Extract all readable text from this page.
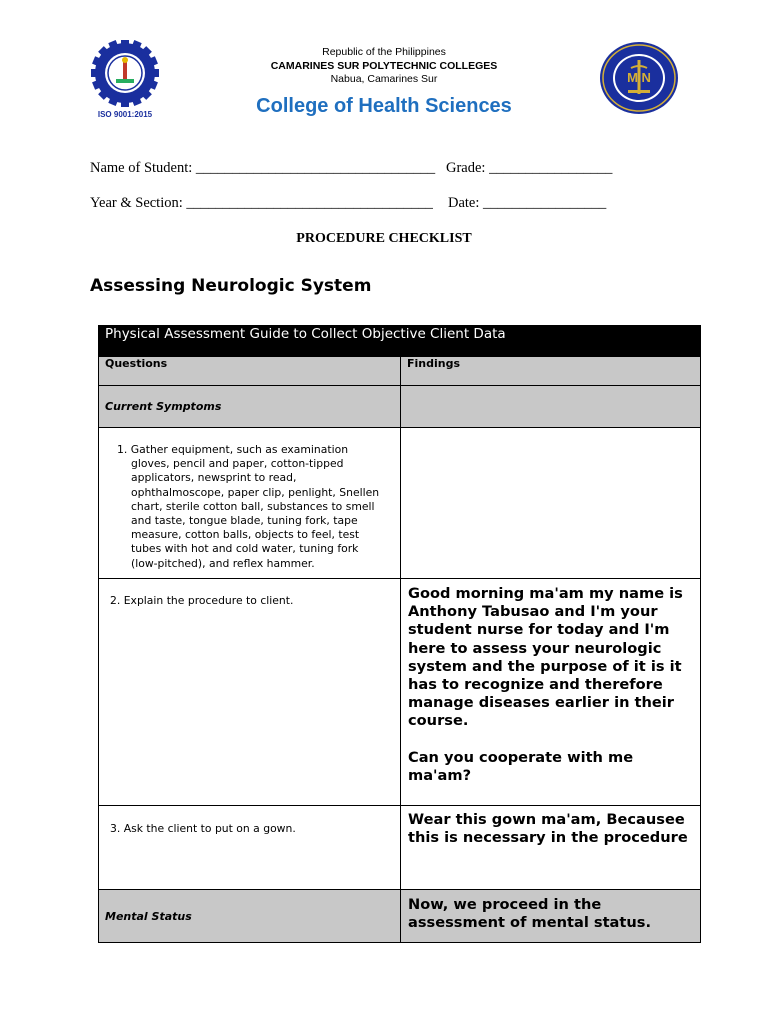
ISO 9001:2015
Republic of the Philippines
CAMARINES SUR POLYTECHNIC COLLEGES
Nabua, Camarines Sur
College of Health Sciences
M N
Name of Student: _________________________________ Grade: _________________
Year & Section: __________________________________ Date: _________________
PROCEDURE CHECKLIST
Assessing Neurologic System
Physical Assessment Guide to Collect Objective Client Data	
Questions	Findings
Current Symptoms	

1. Gather equipment, such as examination gloves, pencil and paper, cotton-tipped applicators, newsprint to read, ophthalmoscope, paper clip, penlight, Snellen chart, sterile cotton ball, substances to smell and taste, tongue blade, tuning fork, tape measure, cotton balls, objects to feel, test tubes with hot and cold water, tuning fork (low-pitched), and reflex hammer.	

2. Explain the procedure to client.	Good morning ma'am my name is Anthony Tabusao and I'm your student nurse for today and I'm here to assess your neurologic system and the purpose of it is it has to recognize and therefore manage diseases earlier in their course.
Can you cooperate with me ma'am?

3. Ask the client to put on a gown.	Wear this gown ma'am, Becausee this is necessary in the procedure
Mental Status	Now, we proceed in the assessment of mental status.
